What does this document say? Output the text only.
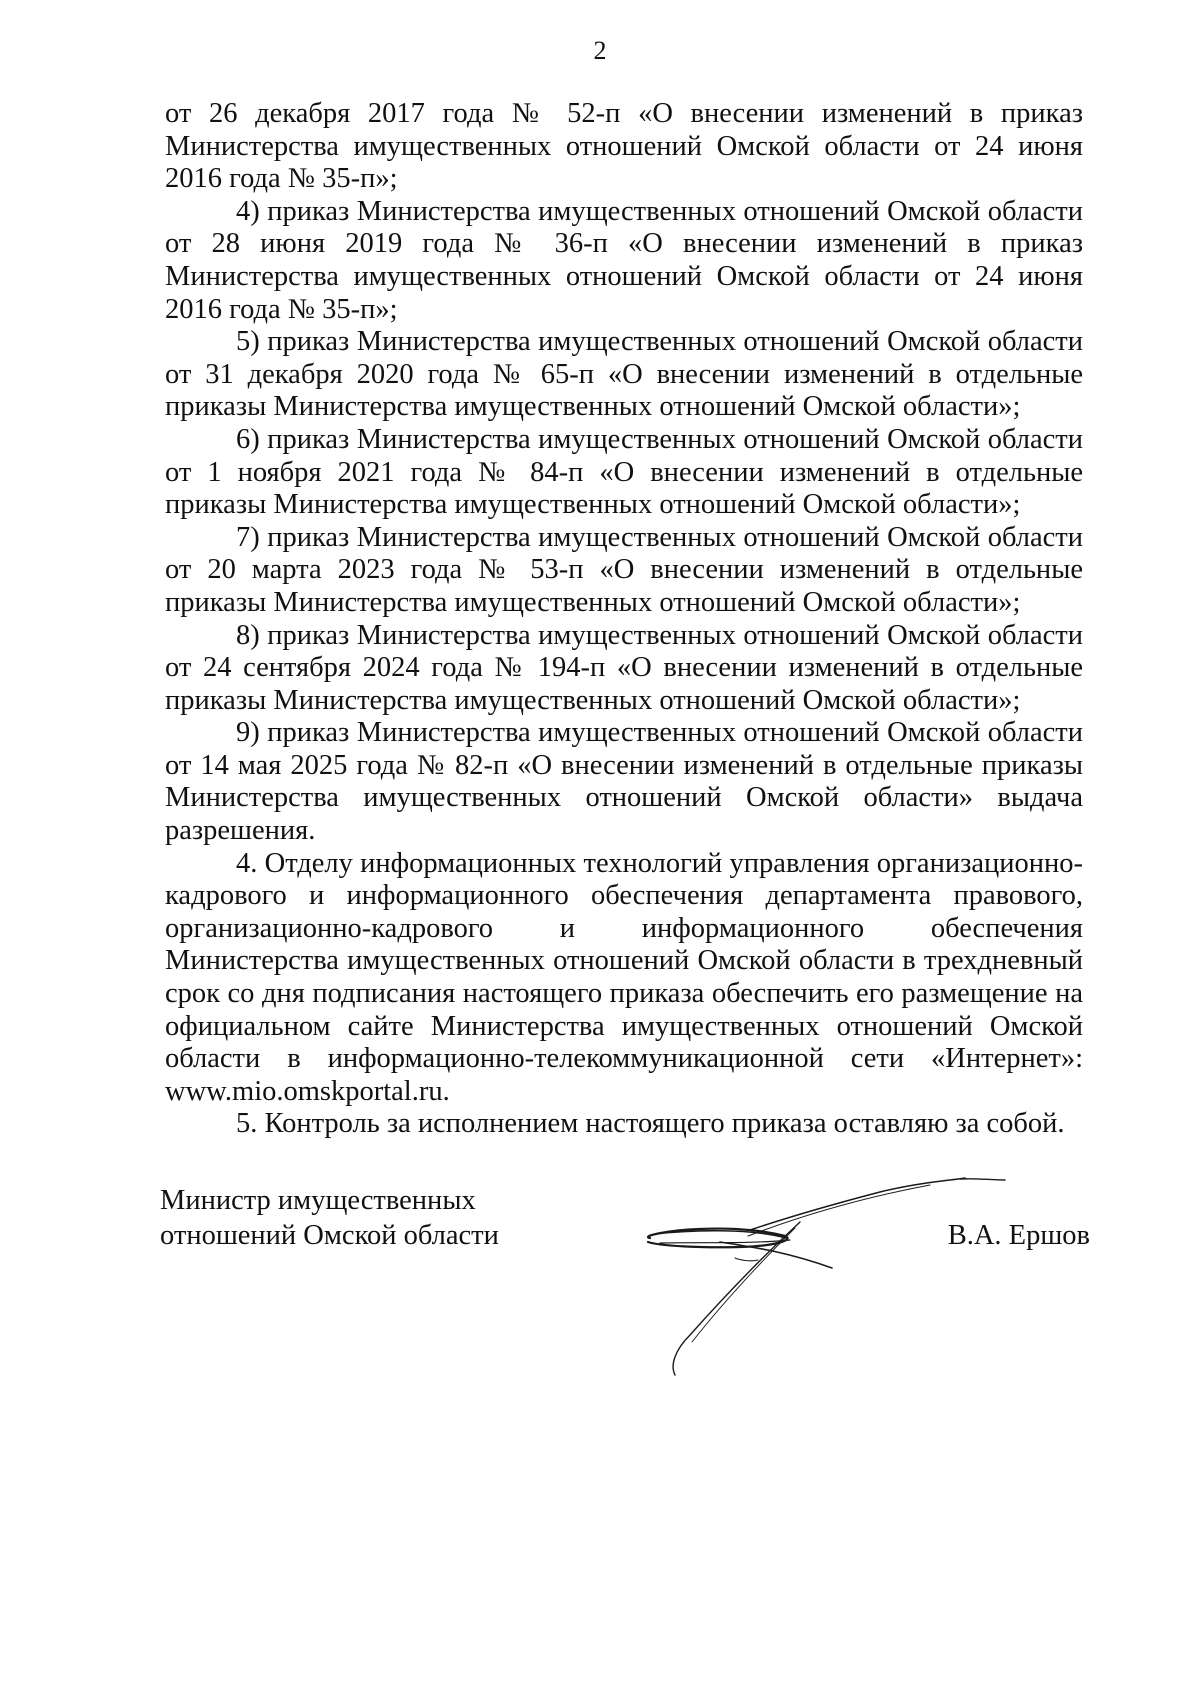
2

от 26 декабря 2017 года № 52-п «О внесении изменений в приказ Министерства имущественных отношений Омской области от 24 июня 2016 года № 35-п»;

4) приказ Министерства имущественных отношений Омской области от 28 июня 2019 года № 36-п «О внесении изменений в приказ Министерства имущественных отношений Омской области от 24 июня 2016 года № 35-п»;

5) приказ Министерства имущественных отношений Омской области от 31 декабря 2020 года № 65-п «О внесении изменений в отдельные приказы Министерства имущественных отношений Омской области»;

6) приказ Министерства имущественных отношений Омской области от 1 ноября 2021 года № 84-п «О внесении изменений в отдельные приказы Министерства имущественных отношений Омской области»;

7) приказ Министерства имущественных отношений Омской области от 20 марта 2023 года № 53-п «О внесении изменений в отдельные приказы Министерства имущественных отношений Омской области»;

8) приказ Министерства имущественных отношений Омской области от 24 сентября 2024 года № 194-п «О внесении изменений в отдельные приказы Министерства имущественных отношений Омской области»;

9) приказ Министерства имущественных отношений Омской области от 14 мая 2025 года № 82-п «О внесении изменений в отдельные приказы Министерства имущественных отношений Омской области» выдача разрешения.

4. Отделу информационных технологий управления организационно-кадрового и информационного обеспечения департамента правового, организационно-кадрового и информационного обеспечения Министерства имущественных отношений Омской области в трехдневный срок со дня подписания настоящего приказа обеспечить его размещение на официальном сайте Министерства имущественных отношений Омской области в информационно-телекоммуникационной сети «Интернет»: www.mio.omskportal.ru.

5. Контроль за исполнением настоящего приказа оставляю за собой.

Министр имущественных
отношений Омской области	В.А. Ершов
